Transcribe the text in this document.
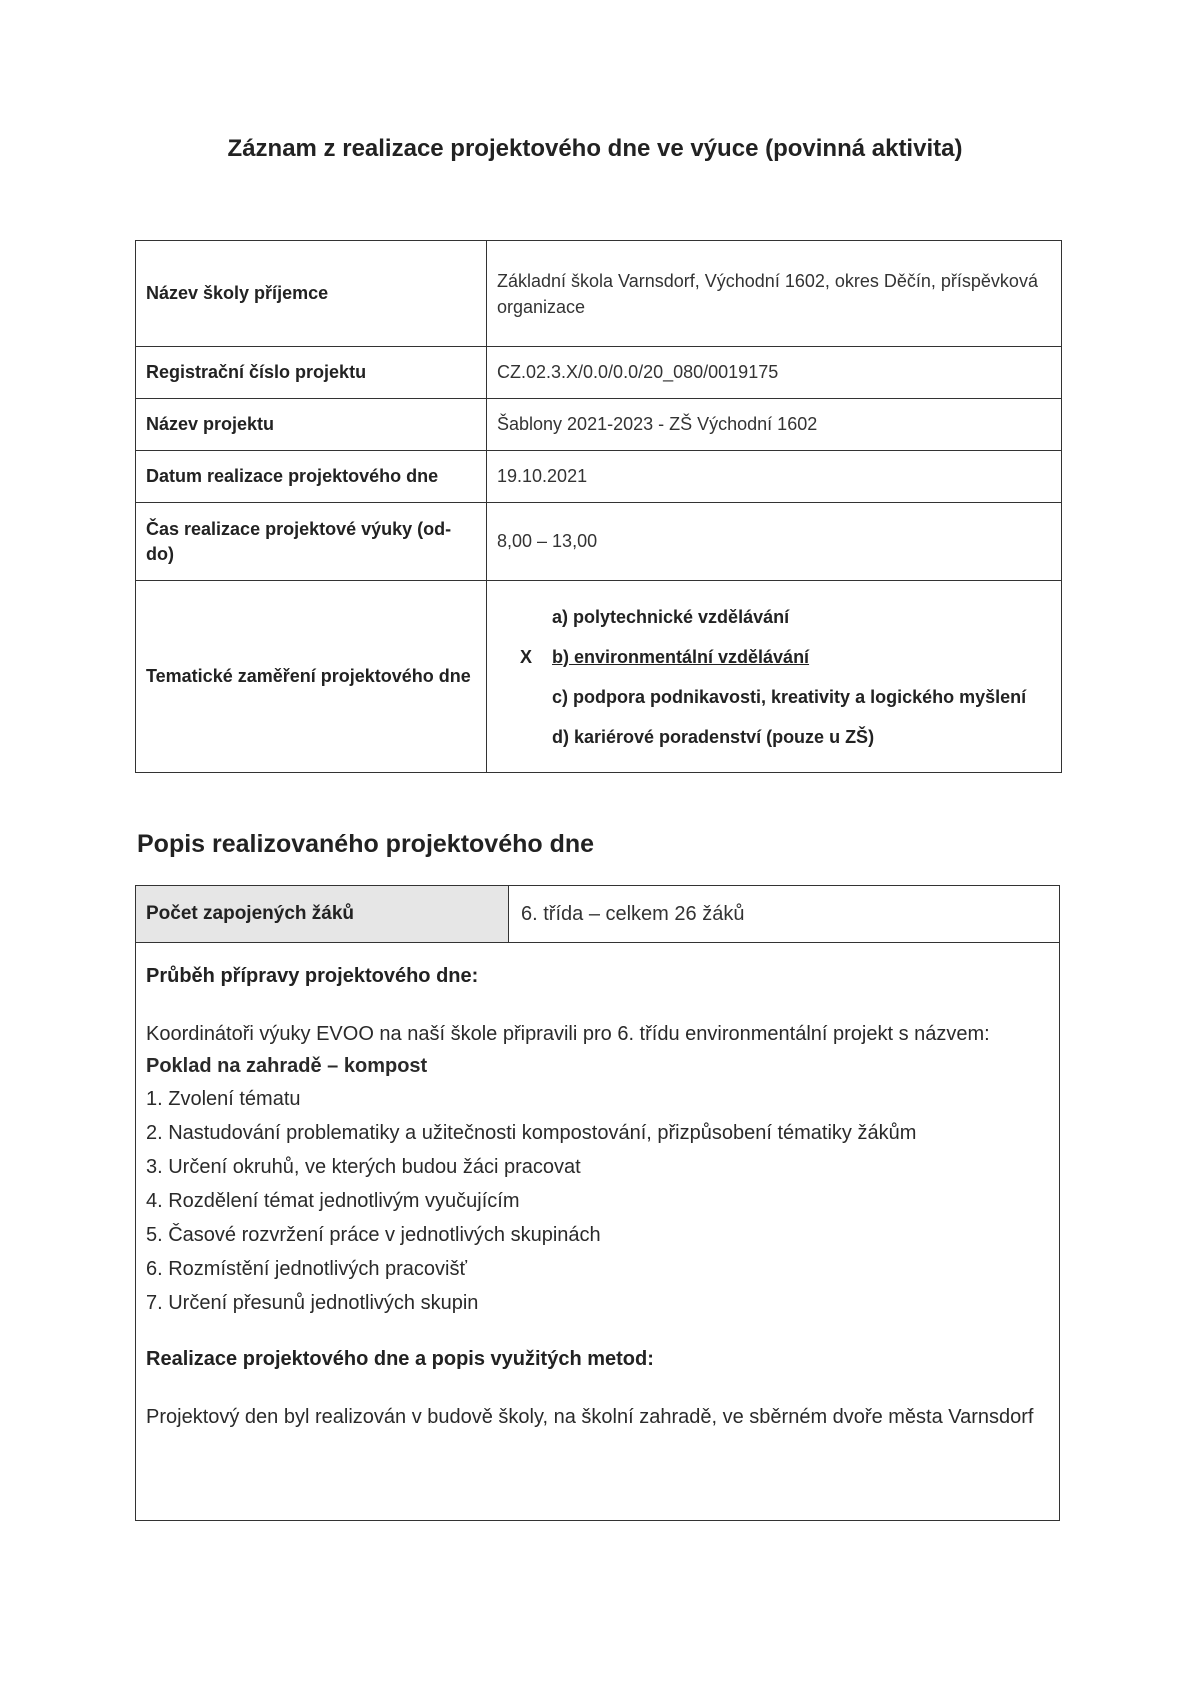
Záznam z realizace projektového dne ve výuce (povinná aktivita)
Název školy příjemce	Základní škola Varnsdorf, Východní 1602, okres Děčín, příspěvková organizace
Registrační číslo projektu	CZ.02.3.X/0.0/0.0/20_080/0019175
Název projektu	Šablony 2021-2023 - ZŠ Východní 1602
Datum realizace projektového dne	19.10.2021
Čas realizace projektové výuky (od-do)	8,00 – 13,00
Tematické zaměření projektového dne	a) polytechnické vzdělávání
X b) environmentální vzdělávání
c) podpora podnikavosti, kreativity a logického myšlení
d) kariérové poradenství (pouze u ZŠ)
Popis realizovaného projektového dne
Počet zapojených žáků	6. třída – celkem 26 žáků
Průběh přípravy projektového dne:
Koordinátoři výuky EVOO na naší škole připravili pro 6. třídu environmentální projekt s názvem:
Poklad na zahradě – kompost
1. Zvolení tématu
2. Nastudování problematiky a užitečnosti kompostování, přizpůsobení tématiky žákům
3. Určení okruhů, ve kterých budou žáci pracovat
4. Rozdělení témat jednotlivým vyučujícím
5. Časové rozvržení práce v jednotlivých skupinách
6. Rozmístění jednotlivých pracovišť
7. Určení přesunů jednotlivých skupin
Realizace projektového dne a popis využitých metod:
Projektový den byl realizován v budově školy, na školní zahradě, ve sběrném dvoře města Varnsdorf
